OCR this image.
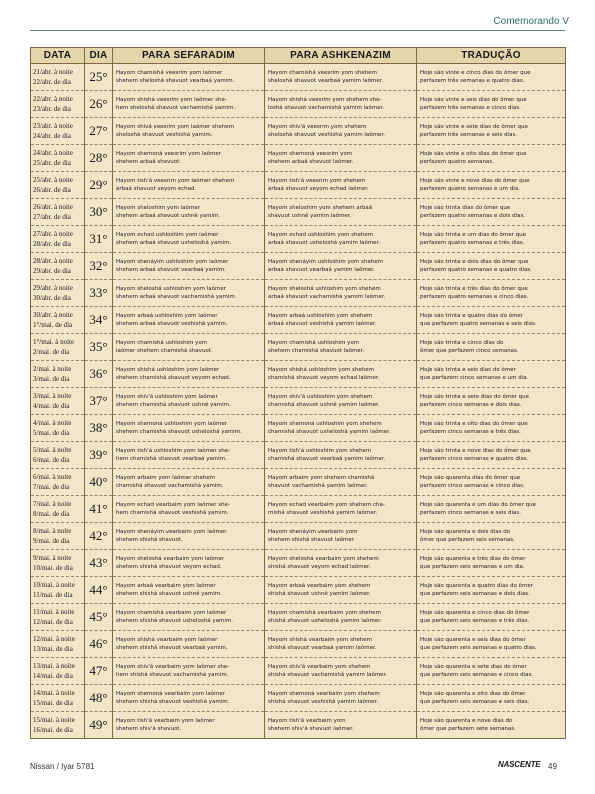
Comemorando V
DATA	DIA	PARA SEFARADIM	PARA ASHKENAZIM	TRADUÇÃO

21/abr. à noite
22/abr. de dia	25°	Hayom chamishá veesrim yom laômer
shehem sheloshá shavuot vearbaá yamim.	Hayom chamishá veesrim yom shehem
sheloshá shavuot vearbaá yamim laômer.	Hoje são vinte e cinco dias do ômer que
perfazem três semanas e quatro dias.

22/abr. à noite
23/abr. de dia	26°	Hayom shishá veesrim yom laômer she-
hem sheloshá shavuot vachamishá yamim.	Hayom shishá veesrim yom shehem she-
loshá shavuot vachamishá yamim laômer.	Hoje são vinte e seis dias do ômer que
perfazem três semanas e cinco dias.

23/abr. à noite
24/abr. de dia	27°	Hayom shivá veesrim yom laômer shehem
sheloshá shavuot veshishá yamim.	Hayom shiv'á veesrim yom shehem
sheloshá shavuot veshishá yamim laômer.	Hoje são vinte e sete dias do ômer que
perfazem três semanas e seis dias.

24/abr. à noite
25/abr. de dia	28°	Hayom shemoná veesrim yom laômer
shehem arbaá shavuot.	Hayom shemoná veesrim yom
shehem arbaá shavuot laômer.	Hoje são vinte e oito dias do ômer que
perfazem quatro semanas.

25/abr. à noite
26/abr. de dia	29°	Hayom tish'á veesrim yom laômer shehem
arbaá shavuot veyom echad.	Hayom tish'á veesrim yom shehem
arbaá shavuot veyom echad laômer.	Hoje são vinte e nove dias do ômer que
perfazem quatro semanas e um dia.

26/abr. à noite
27/abr. de dia	30°	Hayom sheloshim yom laômer
shehem arbaá shavuot ushnê yamim.	Hayom sheloshim yom shehem arbaá
shavuot ushnê yamim laômer.	Hoje são trinta dias do ômer que
perfazem quatro semanas e dois dias.

27/abr. à noite
28/abr. de dia	31°	Hayom echad ushloshim yom laômer
shehem arbaá shavuot usheloshá yamim.	Hayom echad ushloshim yom shehem
arbaá shavuot usheloshá yamim laômer.	Hoje são trinta e um dias do ômer que
perfazem quatro semanas e três dias.

28/abr. à noite
29/abr. de dia	32°	Hayom shenáyim ushloshim yom laômer
shehem arbaá shavuot vearbaá yamim.	Hayom shenáyim ushloshim yom shehem
arbaá shavuot vearbaá yamim laômer.	Hoje são trinta e dois dias do ômer que
perfazem quatro semanas e quatro dias.

29/abr. à noite
30/abr. de dia	33°	Hayom sheloshá ushloshim yom laômer
shehem arbaá shavuot vachamishá yamim.	Hayom sheloshá ushloshim yom shehem
arbaá shavuot vachamishá yamim laômer.	Hoje são trinta e três dias do ômer que
perfazem quatro semanas e cinco dias.

30/abr. à noite
1°/mai. de dia	34°	Hayom arbaá ushloshim yom laômer
shehem arbaá shavuot veshishá yamim.	Hayom arbaá ushloshim yom shehem
arbaá shavuot veshishá yamim laômer.	Hoje são trinta e quatro dias do ômer
que perfazem quatro semanas e seis dias.

1°/mai. à noite
2/mai. de dia	35°	Hayom chamishá ushloshim yom
laômer shehem chamishá shavuot.	Hayom chamishá ushloshim yom
shehem chamishá shavuot laômer.	Hoje são trinta e cinco dias do
ômer que perfazem cinco semanas.

2/mai. à noite
3/mai. de dia	36°	Hayom shishá ushloshim yom laômer
shehem chamishá shavuot veyom echad.	Hayom shishá ushloshim yom shehem
chamishá shavuot veyom echad laômer.	Hoje são trinta e seis dias do ômer
que perfazem cinco semanas e um dia.

3/mai. à noite
4/mai. de dia	37°	Hayom shiv'á ushloshim yom laômer
shehem chamishá shavuot ushnê yamim.	Hayom shiv'á ushloshim yom shehem
chamishá shavuot ushnê yamim laômer.	Hoje são trinta e sete dias do ômer que
perfazem cinco semanas e dois dias.

4/mai. à noite
5/mai. de dia	38°	Hayom shemoná ushloshim yom laômer
shehem chamishá shavuot usheloshá yamim.	Hayom shemoná ushloshim yom shehem
chamishá shavuot usheloshá yamim laômer.	Hoje são trinta e oito dias do ômer que
perfazem cinco semanas e três dias.

5/mai. à noite
6/mai. de dia	39°	Hayom tish'á ushloshim yom laômer she-
hem chamishá shavuot vearbaá yamim.	Hayom tish'á ushloshim yom shehem
chamishá shavuot vearbaá yamim laômer.	Hoje são trinta e nove dias do ômer que
perfazem cinco semanas e quatro dias.

6/mai. à noite
7/mai. de dia	40°	Hayom arbaim yom laômer shehem
chamishá shavuot vachamishá yamim.	Hayom arbaim yom shehem chamishá
shavuot vachamishá yamim laômer.	Hoje são quarenta dias do ômer que
perfazem cinco semanas e cinco dias.

7/mai. à noite
8/mai. de dia	41°	Hayom echad vearbaim yom laômer she-
hem chamishá shavuot veshishá yamim.	Hayom echad vearbaim yom shehem cha-
mishá shavuot veshishá yamim laômer.	Hoje são quarenta e um dias do ômer que
perfazem cinco semanas e seis dias.

8/mai. à noite
9/mai. de dia	42°	Hayom shenáyim vearbaim yom laômer
shehem shishá shavuot.	Hayom shenáyim vearbaim yom
shehem shishá shavuot laômer.	Hoje são quarenta e dois dias do
ômer que perfazem seis semanas.

9/mai. à noite
10/mai. de dia	43°	Hayom sheloshá vearbaim yom laômer
shehem shishá shavuot veyom echad.	Hayom sheloshá vearbaim yom shehem
shishá shavuot veyom echad laômer.	Hoje são quarenta e três dias do ômer
que perfazem seis semanas e um dia.

10/mai. à noite
11/mai. de dia	44°	Hayom arbaá vearbaim yom laômer
shehem shishá shavuot ushnê yamim.	Hayom arbaá vearbaim yom shehem
shishá shavuot ushnê yamim laômer.	Hoje são quarenta e quatro dias do ômer
que perfazem seis semanas e dois dias.

11/mai. à noite
12/mai. de dia	45°	Hayom chamishá vearbaim yom laômer
shehem shishá shavuot usheloshá yamim.	Hayom chamishá vearbaim yom shehem
shishá shavuot usheloshá yamim laômer.	Hoje são quarenta e cinco dias do ômer
que perfazem seis semanas e três dias.

12/mai. à noite
13/mai. de dia	46°	Hayom shishá vearbaim yom laômer
shehem shishá shavuot vearbaá yamim.	Hayom shishá vearbaim yom shehem
shishá shavuot vearbaá yamim laômer.	Hoje são quarenta e seis dias do ômer
que perfazem seis semanas e quatro dias.

13/mai. à noite
14/mai. de dia	47°	Hayom shiv'á vearbaim yom laômer she-
hem shishá shavuot vachamishá yamim.	Hayom shiv'á vearbaim yom shehem
shishá shavuot vachamishá yamim laômer.	Hoje são quarenta e sete dias do ômer
que perfazem seis semanas e cinco dias.

14/mai. à noite
15/mai. de dia	48°	Hayom shemoná vearbaim yom laômer
shehem shishá shavuot veshishá yamim.	Hayom shemoná vearbaim yom shehem
shishá shavuot veshishá yamim laômer.	Hoje são quarenta e oito dias do ômer
que perfazem seis semanas e seis dias.

15/mai. à noite
16/mai. de dia	49°	Hayom tish'á vearbaim yom laômer
shehem shiv'á shavuot.	Hayom tish'á vearbaim yom
shehem shiv'á shavuot laômer.	Hoje são quarenta e nove dias do
ômer que perfazem sete semanas.
Nissan / Iyar 5781	NASCENTE 49
